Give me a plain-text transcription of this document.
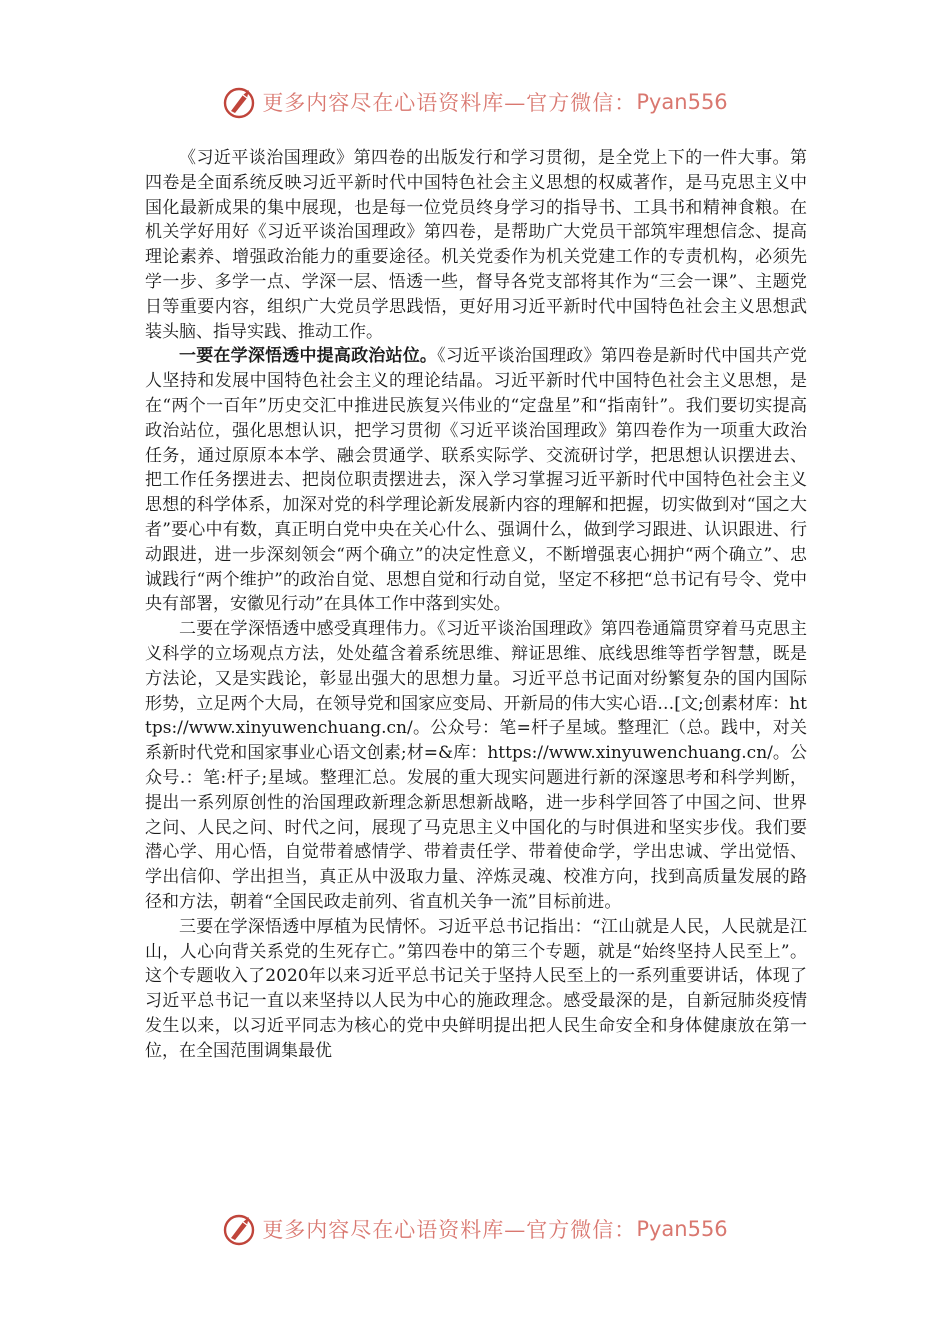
更多内容尽在心语资料库—官方微信： Pyan556

《习近平谈治国理政》第四卷的出版发行和学习贯彻，是全党上下的一件大事。第四卷是全面系统反映习近平新时代中国特色社会主义思想的权威著作，是马克思主义中国化最新成果的集中展现，也是每一位党员终身学习的指导书、工具书和精神食粮。在机关学好用好《习近平谈治国理政》第四卷，是帮助广大党员干部筑牢理想信念、提高理论素养、增强政治能力的重要途径。机关党委作为机关党建工作的专责机构，必须先学一步、多学一点、学深一层、悟透一些，督导各党支部将其作为“三会一课”、主题党日等重要内容，组织广大党员学思践悟，更好用习近平新时代中国特色社会主义思想武装头脑、指导实践、推动工作。

一要在学深悟透中提高政治站位。《习近平谈治国理政》第四卷是新时代中国共产党人坚持和发展中国特色社会主义的理论结晶。习近平新时代中国特色社会主义思想，是在“两个一百年”历史交汇中推进民族复兴伟业的“定盘星”和“指南针”。我们要切实提高政治站位，强化思想认识，把学习贯彻《习近平谈治国理政》第四卷作为一项重大政治任务，通过原原本本学、融会贯通学、联系实际学、交流研讨学，把思想认识摆进去、把工作任务摆进去、把岗位职责摆进去，深入学习掌握习近平新时代中国特色社会主义思想的科学体系，加深对党的科学理论新发展新内容的理解和把握，切实做到对“国之大者”要心中有数，真正明白党中央在关心什么、强调什么，做到学习跟进、认识跟进、行动跟进，进一步深刻领会“两个确立”的决定性意义，不断增强衷心拥护“两个确立”、忠诚践行“两个维护”的政治自觉、思想自觉和行动自觉，坚定不移把“总书记有号令、党中央有部署，安徽见行动”在具体工作中落到实处。

二要在学深悟透中感受真理伟力。《习近平谈治国理政》第四卷通篇贯穿着马克思主义科学的立场观点方法，处处蕴含着系统思维、辩证思维、底线思维等哲学智慧，既是方法论，又是实践论，彰显出强大的思想力量。习近平总书记面对纷繁复杂的国内国际形势，立足两个大局，在领导党和国家应变局、开新局的伟大实心语…[文;创素材库：https://www.xinyuwenchuang.cn/。公众号：笔=杆子星域。整理汇（总。践中，对关系新时代党和国家事业心语文创素;材=&库：https://www.xinyuwenchuang.cn/。公众号.：笔:杆子;星域。整理汇总。发展的重大现实问题进行新的深邃思考和科学判断，提出一系列原创性的治国理政新理念新思想新战略，进一步科学回答了中国之问、世界之问、人民之问、时代之问，展现了马克思主义中国化的与时俱进和坚实步伐。我们要潜心学、用心悟，自觉带着感情学、带着责任学、带着使命学，学出忠诚、学出觉悟、学出信仰、学出担当，真正从中汲取力量、淬炼灵魂、校准方向，找到高质量发展的路径和方法，朝着“全国民政走前列、省直机关争一流”目标前进。

三要在学深悟透中厚植为民情怀。习近平总书记指出：“江山就是人民，人民就是江山，人心向背关系党的生死存亡。”第四卷中的第三个专题，就是“始终坚持人民至上”。这个专题收入了2020年以来习近平总书记关于坚持人民至上的一系列重要讲话，体现了习近平总书记一直以来坚持以人民为中心的施政理念。感受最深的是，自新冠肺炎疫情发生以来，以习近平同志为核心的党中央鲜明提出把人民生命安全和身体健康放在第一位，在全国范围调集最优

更多内容尽在心语资料库—官方微信： Pyan556
